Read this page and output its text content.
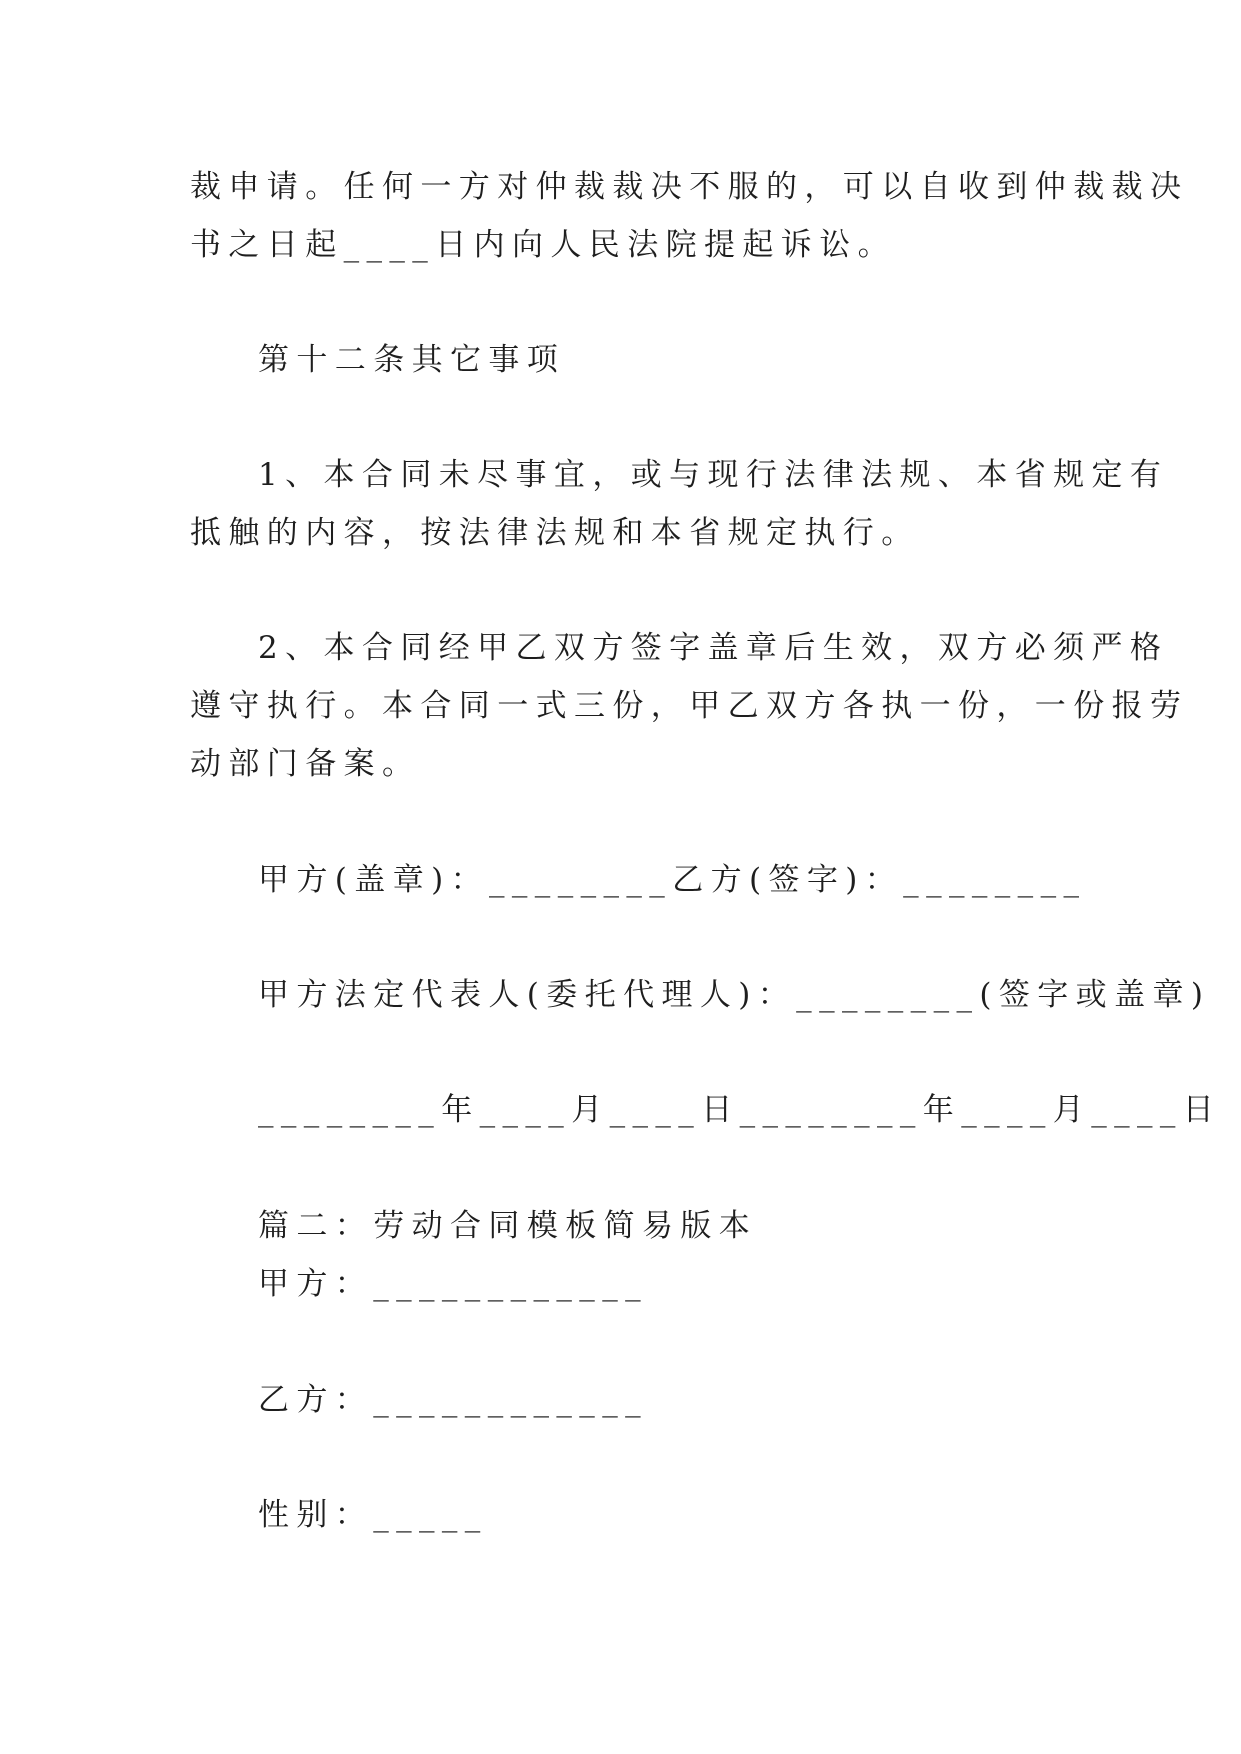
裁申请。任何一方对仲裁裁决不服的，可以自收到仲裁裁决
书之日起____日内向人民法院提起诉讼。
第十二条其它事项
1、本合同未尽事宜，或与现行法律法规、本省规定有
抵触的内容，按法律法规和本省规定执行。
2、本合同经甲乙双方签字盖章后生效，双方必须严格
遵守执行。本合同一式三份，甲乙双方各执一份，一份报劳
动部门备案。
甲方(盖章)：________乙方(签字)：________
甲方法定代表人(委托代理人)：________(签字或盖章)
________年____月____日________年____月____日
篇二：劳动合同模板简易版本
甲方：____________
乙方：____________
性别：_____
